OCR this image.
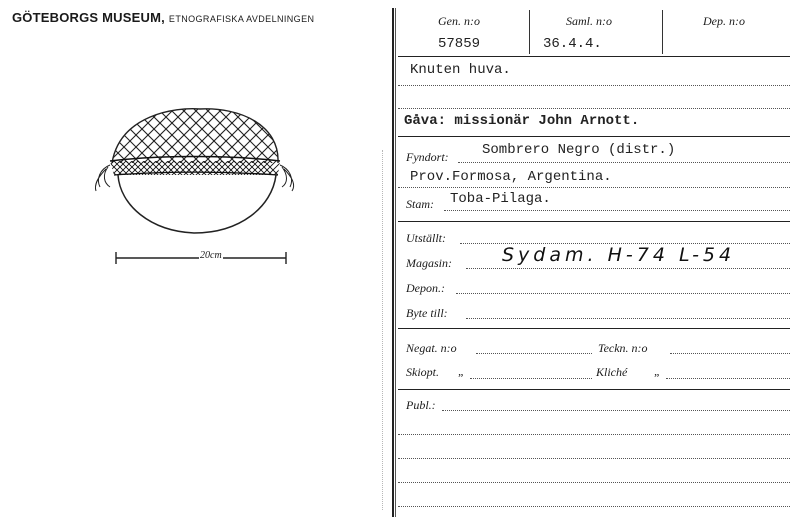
GÖTEBORGS MUSEUM, ETNOGRAFISKA AVDELNINGEN
20cm
Gen. n:o
57859
Saml. n:o
36.4.4.
Dep. n:o
Knuten huva.
Gåva: missionär John Arnott.
Fyndort: Sombrero Negro (distr.)
Prov.Formosa, Argentina.
Stam: Toba-Pilaga.
Utställt:
Magasin:	Sydam. H-74 L-54
Depon.:
Byte till:
Negat. n:o	Teckn. n:o
Skiopt. „	Kliché „
Publ.:
